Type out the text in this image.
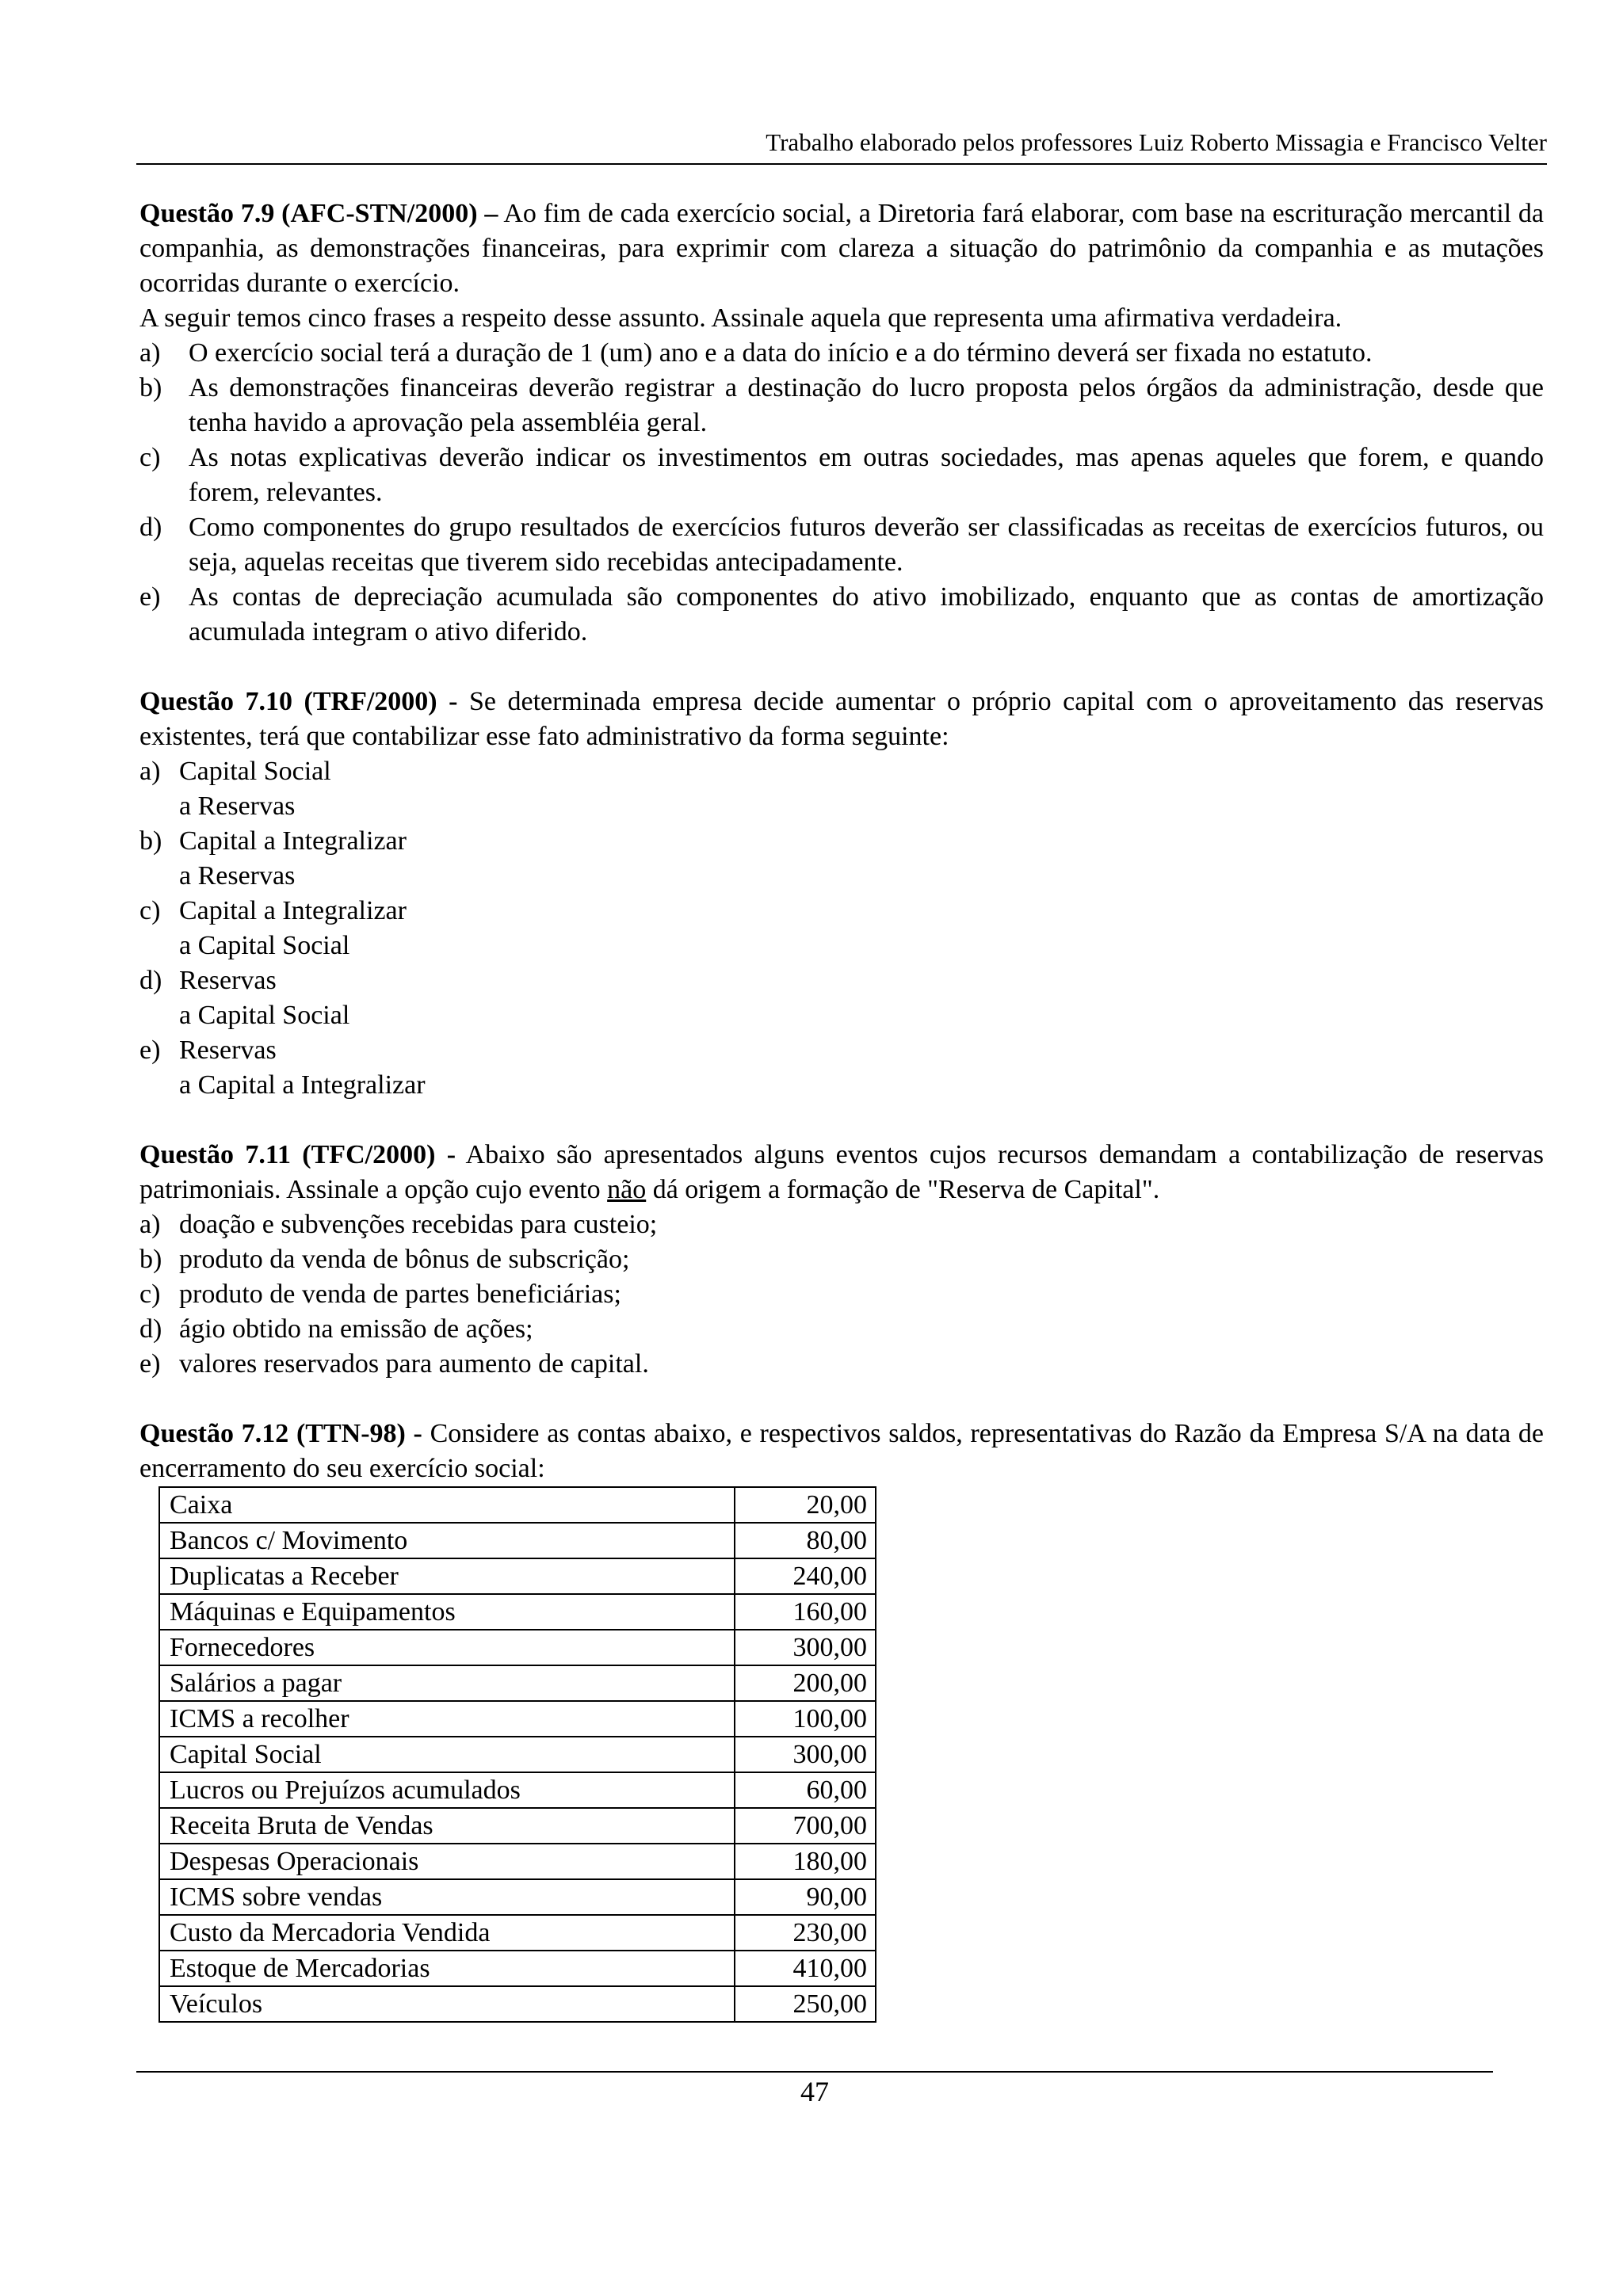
Trabalho elaborado pelos professores Luiz Roberto Missagia e Francisco Velter

Questão 7.9 (AFC-STN/2000) – Ao fim de cada exercício social, a Diretoria fará elaborar, com base na escrituração mercantil da companhia, as demonstrações financeiras, para exprimir com clareza a situação do patrimônio da companhia e as mutações ocorridas durante o exercício.

A seguir temos cinco frases a respeito desse assunto. Assinale aquela que representa uma afirmativa verdadeira.

a)	O exercício social terá a duração de 1 (um) ano e a data do início e a do término deverá ser fixada no estatuto.
b) As demonstrações financeiras deverão registrar a destinação do lucro proposta pelos órgãos da administração, desde que tenha havido a aprovação pela assembléia geral.
c)	As notas explicativas deverão indicar os investimentos em outras sociedades, mas apenas aqueles que forem, e quando forem, relevantes.
d) Como componentes do grupo resultados de exercícios futuros deverão ser classificadas as receitas de exercícios futuros, ou seja, aquelas receitas que tiverem sido recebidas antecipadamente.
e)	As contas de depreciação acumulada são componentes do ativo imobilizado, enquanto que as contas de amortização acumulada integram o ativo diferido.

Questão 7.10 (TRF/2000) - Se determinada empresa decide aumentar o próprio capital com o aproveitamento das reservas existentes, terá que contabilizar esse fato administrativo da forma seguinte:

a) Capital Social
a Reservas
b) Capital a Integralizar
a Reservas
c) Capital a Integralizar
a Capital Social
d) Reservas
a Capital Social
e) Reservas
a Capital a Integralizar

Questão 7.11 (TFC/2000) - Abaixo são apresentados alguns eventos cujos recursos demandam a contabilização de reservas patrimoniais. Assinale a opção cujo evento não dá origem a formação de "Reserva de Capital".

a) doação e subvenções recebidas para custeio;
b) produto da venda de bônus de subscrição;
c) produto de venda de partes beneficiárias;
d) ágio obtido na emissão de ações;
e) valores reservados para aumento de capital.

Questão 7.12 (TTN-98) - Considere as contas abaixo, e respectivos saldos, representativas do Razão da Empresa S/A na data de encerramento do seu exercício social:

Caixa	20,00
Bancos c/ Movimento	80,00
Duplicatas a Receber	240,00
Máquinas e Equipamentos	160,00
Fornecedores	300,00
Salários a pagar	200,00
ICMS a recolher	100,00
Capital Social	300,00
Lucros ou Prejuízos acumulados	60,00
Receita Bruta de Vendas	700,00
Despesas Operacionais	180,00
ICMS sobre vendas	90,00
Custo da Mercadoria Vendida	230,00
Estoque de Mercadorias	410,00
Veículos	250,00
47
